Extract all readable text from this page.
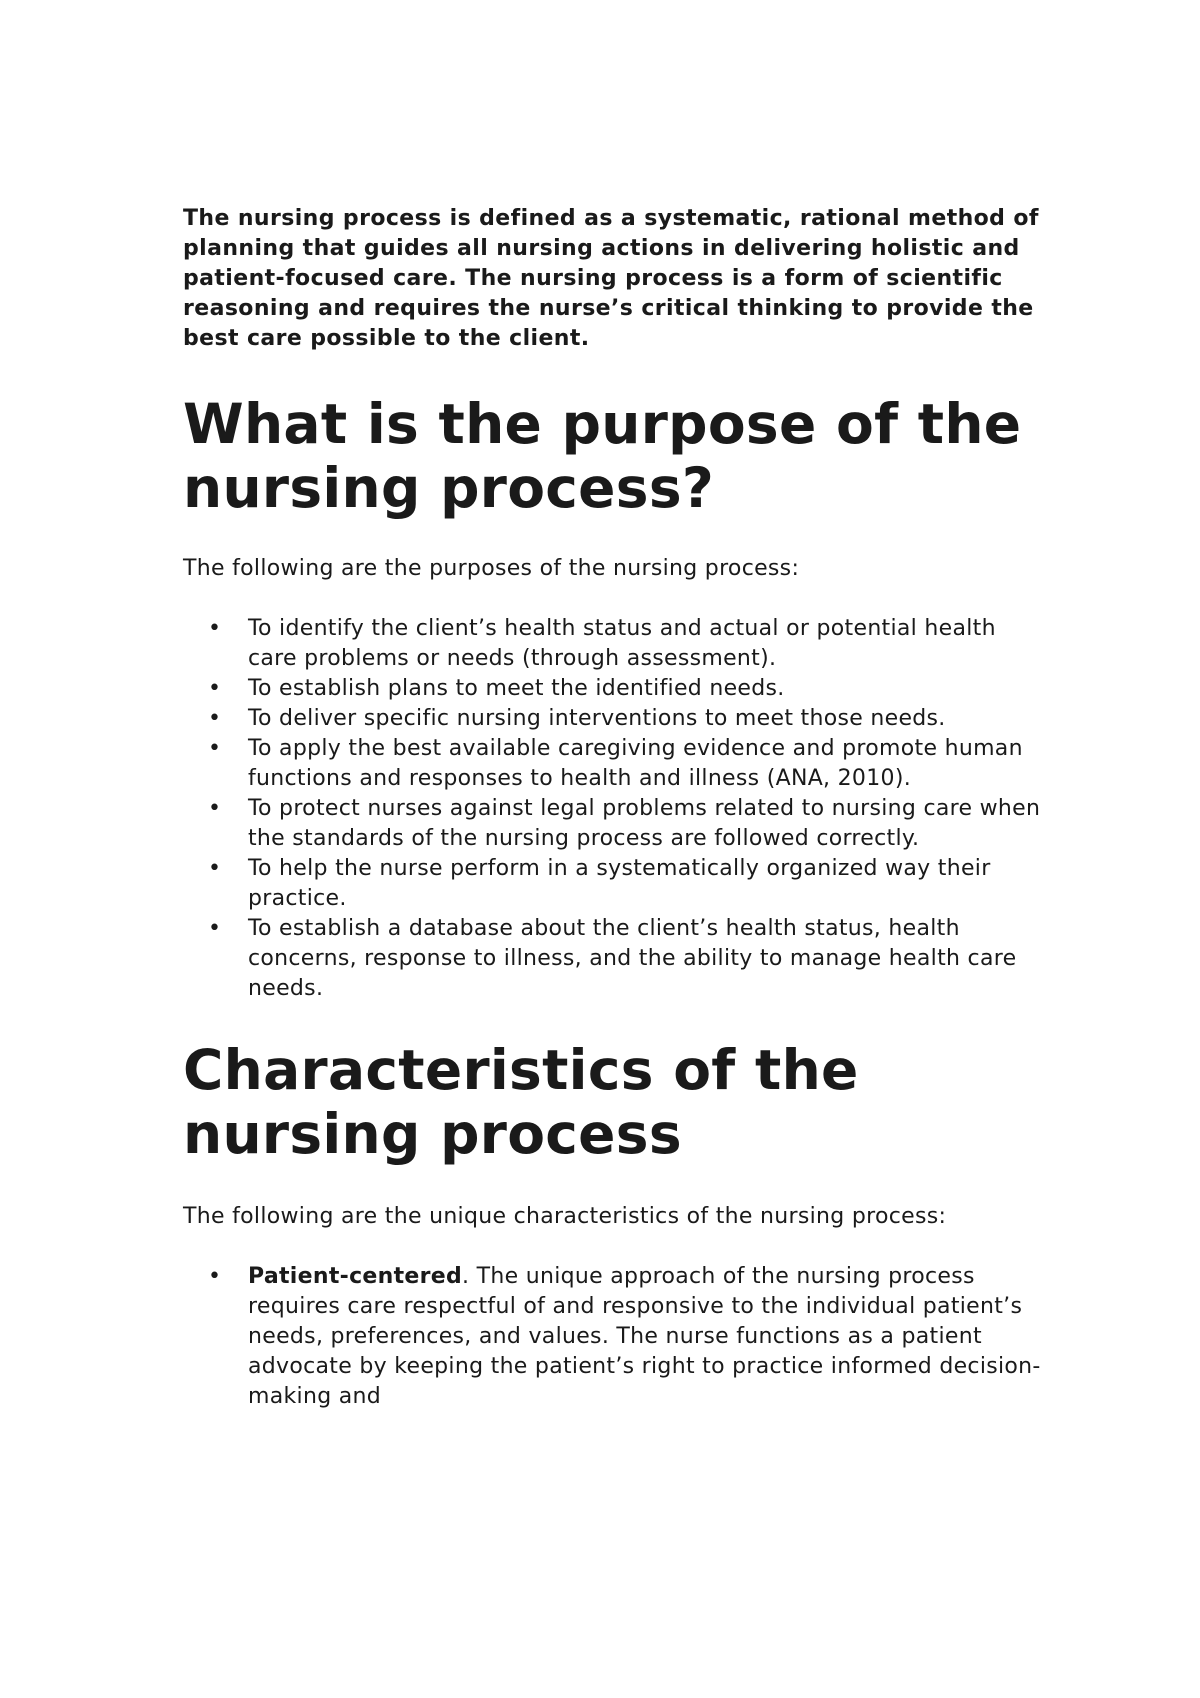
The nursing process is defined as a systematic, rational method of planning that guides all nursing actions in delivering holistic and patient-focused care. The nursing process is a form of scientific reasoning and requires the nurse’s critical thinking to provide the best care possible to the client.

What is the purpose of the nursing process?

The following are the purposes of the nursing process:

• To identify the client’s health status and actual or potential health care problems or needs (through assessment).
• To establish plans to meet the identified needs.
• To deliver specific nursing interventions to meet those needs.
• To apply the best available caregiving evidence and promote human functions and responses to health and illness (ANA, 2010).
• To protect nurses against legal problems related to nursing care when the standards of the nursing process are followed correctly.
• To help the nurse perform in a systematically organized way their practice.
• To establish a database about the client’s health status, health concerns, response to illness, and the ability to manage health care needs.
Characteristics of the nursing process

The following are the unique characteristics of the nursing process:

• Patient-centered. The unique approach of the nursing process requires care respectful of and responsive to the individual patient’s needs, preferences, and values. The nurse functions as a patient advocate by keeping the patient’s right to practice informed decision-making and
